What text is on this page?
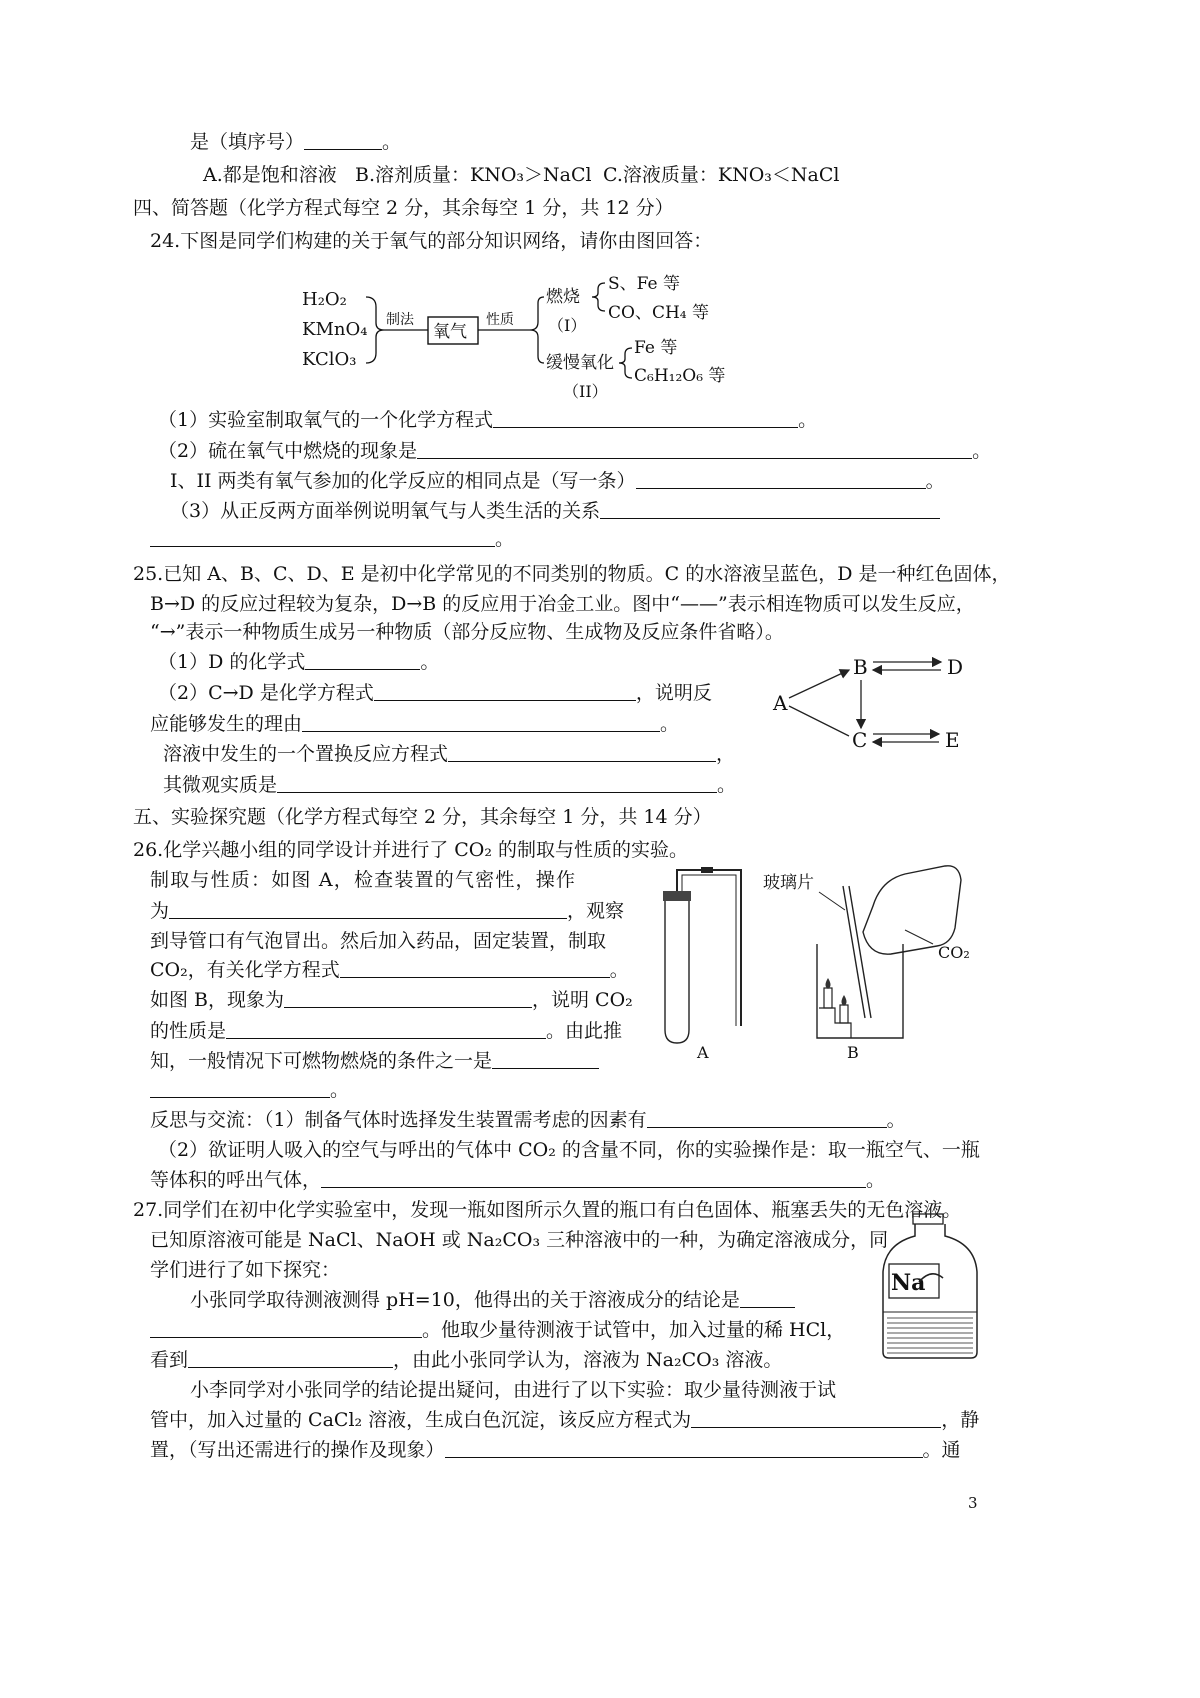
是（填序号）	。
A.都是饱和溶液 B.溶剂质量：KNO₃＞NaCl C.溶液质量：KNO₃＜NaCl
四、简答题（化学方程式每空 2 分，其余每空 1 分，共 12 分）
24.下图是同学们构建的关于氧气的部分知识网络，请你由图回答：
H₂O₂
KMnO₄
KClO₃
制法
氧气
性质
燃烧
（I）
S、Fe 等
CO、CH₄ 等
缓慢氧化
（II）
Fe 等
C₆H₁₂O₆ 等
（1）实验室制取氧气的一个化学方程式	。
（2）硫在氧气中燃烧的现象是	。
I、II 两类有氧气参加的化学反应的相同点是（写一条）	。
（3）从正反两方面举例说明氧气与人类生活的关系
。
25.已知 A、B、C、D、E 是初中化学常见的不同类别的物质。C 的水溶液呈蓝色，D 是一种红色固体，
B→D 的反应过程较为复杂，D→B 的反应用于冶金工业。图中“——”表示相连物质可以发生反应，
“→”表示一种物质生成另一种物质（部分反应物、生成物及反应条件省略）。
（1）D 的化学式	。
（2）C→D 是化学方程式	，说明反
应能够发生的理由	。
溶液中发生的一个置换反应方程式	，
其微观实质是	。
A
B	D
C	E
五、实验探究题（化学方程式每空 2 分，其余每空 1 分，共 14 分）
26.化学兴趣小组的同学设计并进行了 CO₂ 的制取与性质的实验。
制取与性质：如图 A，检查装置的气密性，操作
为	，观察
到导管口有气泡冒出。然后加入药品，固定装置，制取
CO₂，有关化学方程式	。
如图 B，现象为	，说明 CO₂
的性质是	。由此推
知，一般情况下可燃物燃烧的条件之一是
。
A
玻璃片
CO₂
B
反思与交流：（1）制备气体时选择发生装置需考虑的因素有	。
（2）欲证明人吸入的空气与呼出的气体中 CO₂ 的含量不同，你的实验操作是：取一瓶空气、一瓶
等体积的呼出气体，	。
27.同学们在初中化学实验室中，发现一瓶如图所示久置的瓶口有白色固体、瓶塞丢失的无色溶液。
已知原溶液可能是 NaCl、NaOH 或 Na₂CO₃ 三种溶液中的一种，为确定溶液成分，同
学们进行了如下探究：
小张同学取待测液测得 pH=10，他得出的关于溶液成分的结论是
。他取少量待测液于试管中，加入过量的稀 HCl，
看到	，由此小张同学认为，溶液为 Na₂CO₃ 溶液。
小李同学对小张同学的结论提出疑问，由进行了以下实验：取少量待测液于试
管中，加入过量的 CaCl₂ 溶液，生成白色沉淀，该反应方程式为	，静
置，（写出还需进行的操作及现象）	。通
Na
3
